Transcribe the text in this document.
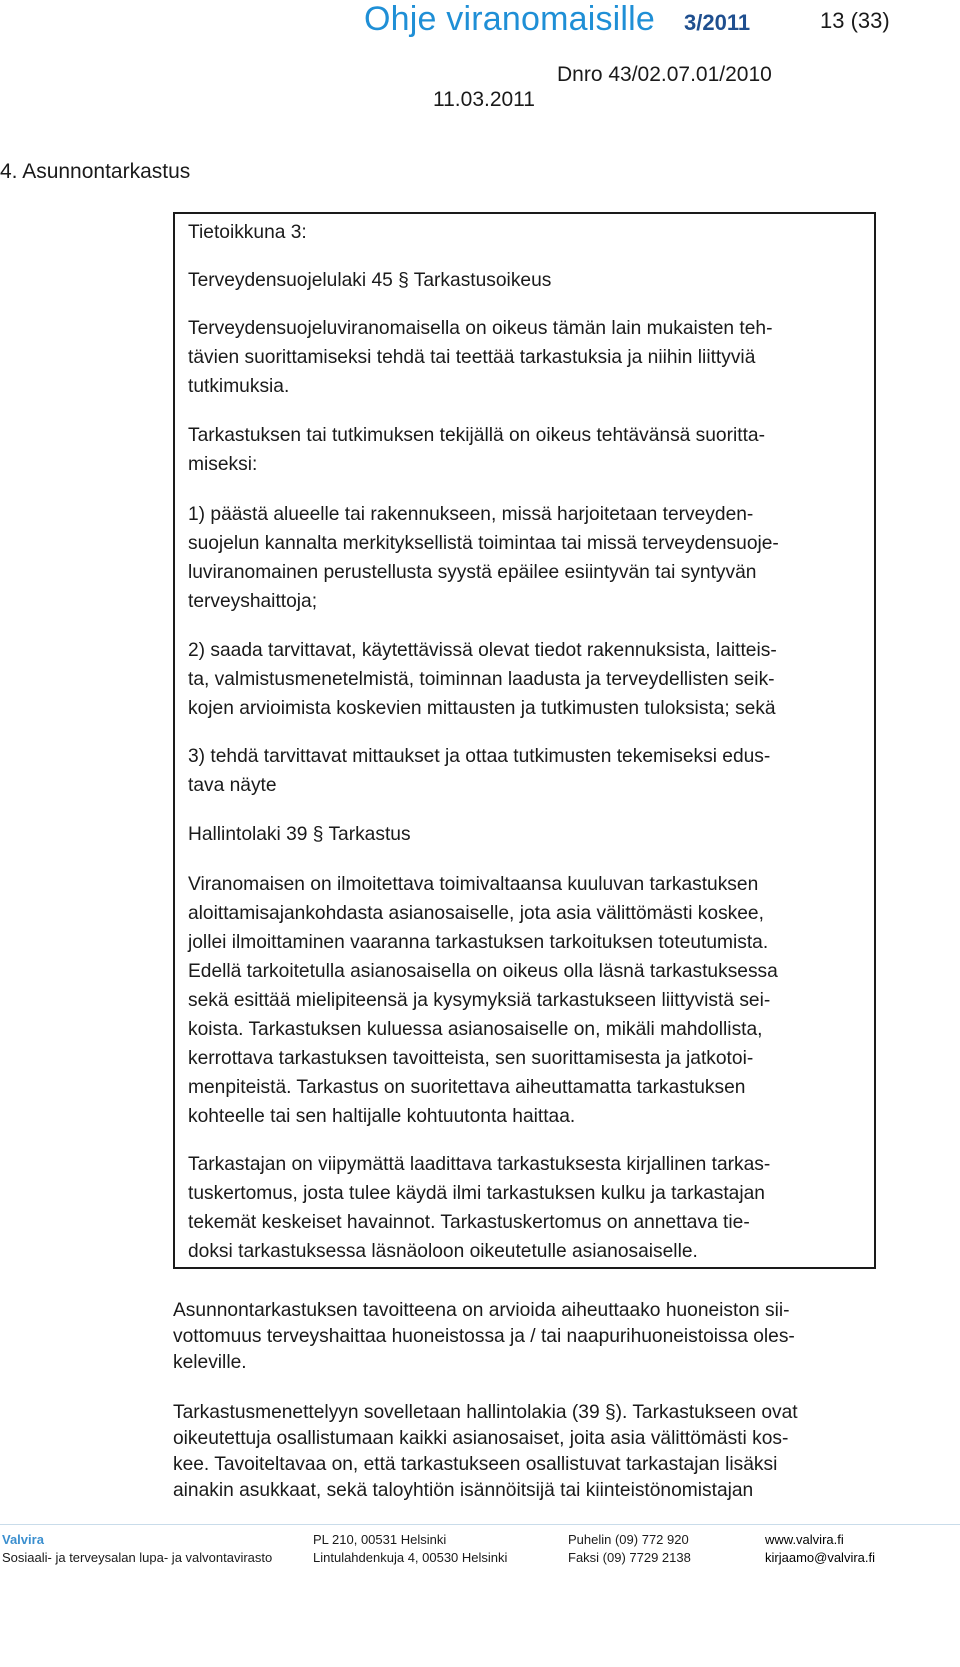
Ohje viranomaisille 3/2011	13 (33)
Dnro 43/02.07.01/2010
11.03.2011
4. Asunnontarkastus

Tietoikkuna 3:

Terveydensuojelulaki 45 § Tarkastusoikeus

Terveydensuojeluviranomaisella on oikeus tämän lain mukaisten teh-
tävien suorittamiseksi tehdä tai teettää tarkastuksia ja niihin liittyviä
tutkimuksia.

Tarkastuksen tai tutkimuksen tekijällä on oikeus tehtävänsä suoritta-
miseksi:

1) päästä alueelle tai rakennukseen, missä harjoitetaan terveyden-
suojelun kannalta merkityksellistä toimintaa tai missä terveydensuoje-
luviranomainen perustellusta syystä epäilee esiintyvän tai syntyvän
terveyshaittoja;

2) saada tarvittavat, käytettävissä olevat tiedot rakennuksista, laitteis-
ta, valmistusmenetelmistä, toiminnan laadusta ja terveydellisten seik-
kojen arvioimista koskevien mittausten ja tutkimusten tuloksista; sekä

3) tehdä tarvittavat mittaukset ja ottaa tutkimusten tekemiseksi edus-
tava näyte

Hallintolaki 39 § Tarkastus

Viranomaisen on ilmoitettava toimivaltaansa kuuluvan tarkastuksen
aloittamisajankohdasta asianosaiselle, jota asia välittömästi koskee,
jollei ilmoittaminen vaaranna tarkastuksen tarkoituksen toteutumista.
Edellä tarkoitetulla asianosaisella on oikeus olla läsnä tarkastuksessa
sekä esittää mielipiteensä ja kysymyksiä tarkastukseen liittyvistä sei-
koista. Tarkastuksen kuluessa asianosaiselle on, mikäli mahdollista,
kerrottava tarkastuksen tavoitteista, sen suorittamisesta ja jatkotoi-
menpiteistä. Tarkastus on suoritettava aiheuttamatta tarkastuksen
kohteelle tai sen haltijalle kohtuutonta haittaa.

Tarkastajan on viipymättä laadittava tarkastuksesta kirjallinen tarkas-
tuskertomus, josta tulee käydä ilmi tarkastuksen kulku ja tarkastajan
tekemät keskeiset havainnot. Tarkastuskertomus on annettava tie-
doksi tarkastuksessa läsnäoloon oikeutetulle asianosaiselle.

Asunnontarkastuksen tavoitteena on arvioida aiheuttaako huoneiston sii-
vottomuus terveyshaittaa huoneistossa ja / tai naapurihuoneistoissa oles-
keleville.

Tarkastusmenettelyyn sovelletaan hallintolakia (39 §). Tarkastukseen ovat
oikeutettuja osallistumaan kaikki asianosaiset, joita asia välittömästi kos-
kee. Tavoiteltavaa on, että tarkastukseen osallistuvat tarkastajan lisäksi
ainakin asukkaat, sekä taloyhtiön isännöitsijä tai kiinteistönomistajan

Valvira
Sosiaali- ja terveysalan lupa- ja valvontavirasto
PL 210, 00531 Helsinki
Lintulahdenkuja 4, 00530 Helsinki
Puhelin (09) 772 920
Faksi (09) 7729 2138
www.valvira.fi
kirjaamo@valvira.fi
